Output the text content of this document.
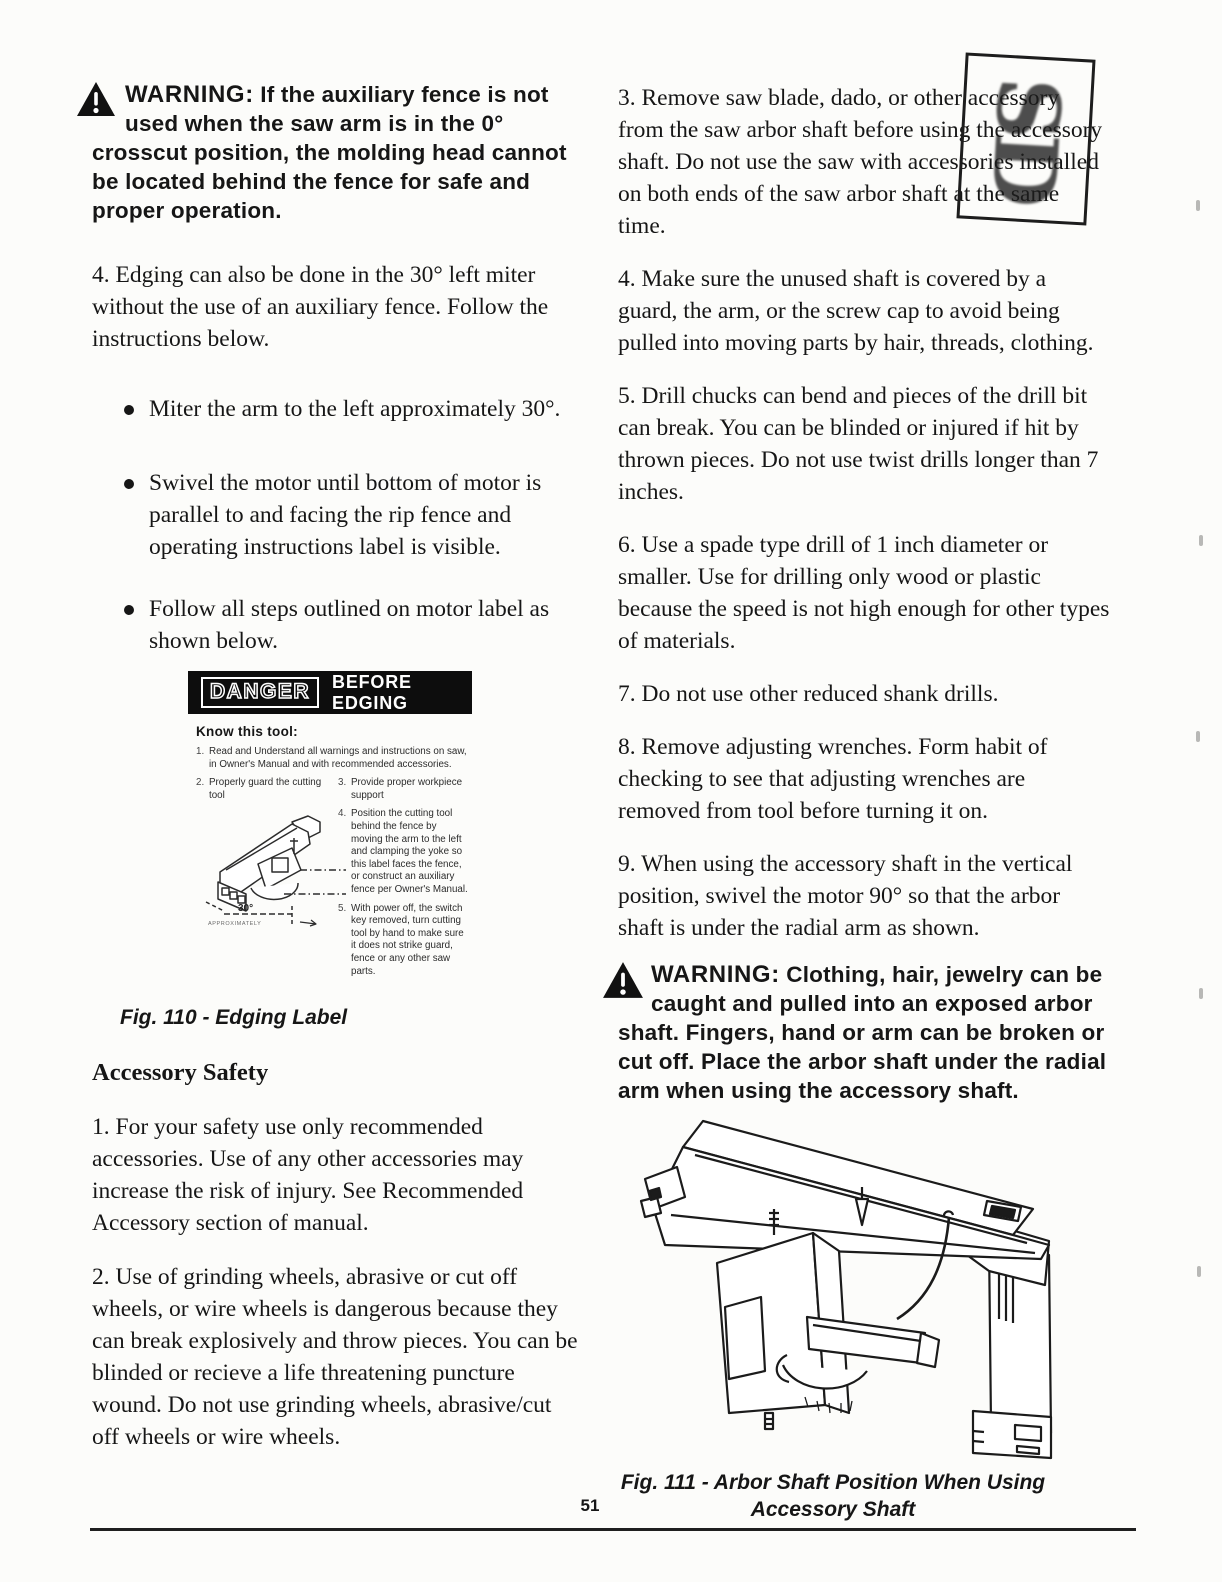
WARNING: If the auxiliary fence is not used when the saw arm is in the 0° crosscut position, the molding head cannot be located behind the fence for safe and proper operation.

4. Edging can also be done in the 30° left miter without the use of an auxiliary fence. Follow the instructions below.

Miter the arm to the left approximately 30°.
Swivel the motor until bottom of motor is parallel to and facing the rip fence and operating instructions label is visible.
Follow all steps outlined on motor label as shown below.
DANGER	BEFORE EDGING
Know this tool:
1. Read and Understand all warnings and instructions on saw, in Owner's Manual and with recommended accessories.
2. Properly guard the cutting tool
30°
APPROXIMATELY
3. Provide proper workpiece support
4. Position the cutting tool behind the fence by moving the arm to the left and clamping the yoke so this label faces the fence, or construct an auxiliary fence per Owner's Manual.
5. With power off, the switch key removed, turn cutting tool by hand to make sure it does not strike guard, fence or any other saw parts.

Fig. 110 - Edging Label

Accessory Safety

1. For your safety use only recommended accessories. Use of any other accessories may increase the risk of injury. See Recommended Accessory section of manual.

2. Use of grinding wheels, abrasive or cut off wheels, or wire wheels is dangerous because they can break explosively and throw pieces. You can be blinded or recieve a life threatening puncture wound. Do not use grinding wheels, abrasive/cut off wheels or wire wheels.

3. Remove saw blade, dado, or other accessory from the saw arbor shaft before using the accessory shaft. Do not use the saw with accessories installed on both ends of the saw arbor shaft at the same time.

4. Make sure the unused shaft is covered by a guard, the arm, or the screw cap to avoid being pulled into moving parts by hair, threads, clothing.

5. Drill chucks can bend and pieces of the drill bit can break. You can be blinded or injured if hit by thrown pieces. Do not use twist drills longer than 7 inches.

6. Use a spade type drill of 1 inch diameter or smaller. Use for drilling only wood or plastic because the speed is not high enough for other types of materials.

7. Do not use other reduced shank drills.

8. Remove adjusting wrenches. Form habit of checking to see that adjusting wrenches are removed from tool before turning it on.

9. When using the accessory shaft in the vertical position, swivel the motor 90° so that the arbor shaft is under the radial arm as shown.

WARNING: Clothing, hair, jewelry can be caught and pulled into an exposed arbor shaft. Fingers, hand or arm can be broken or cut off. Place the arbor shaft under the radial arm when using the accessory shaft.

Fig. 111 - Arbor Shaft Position When Using

Accessory Shaft

SD
51
